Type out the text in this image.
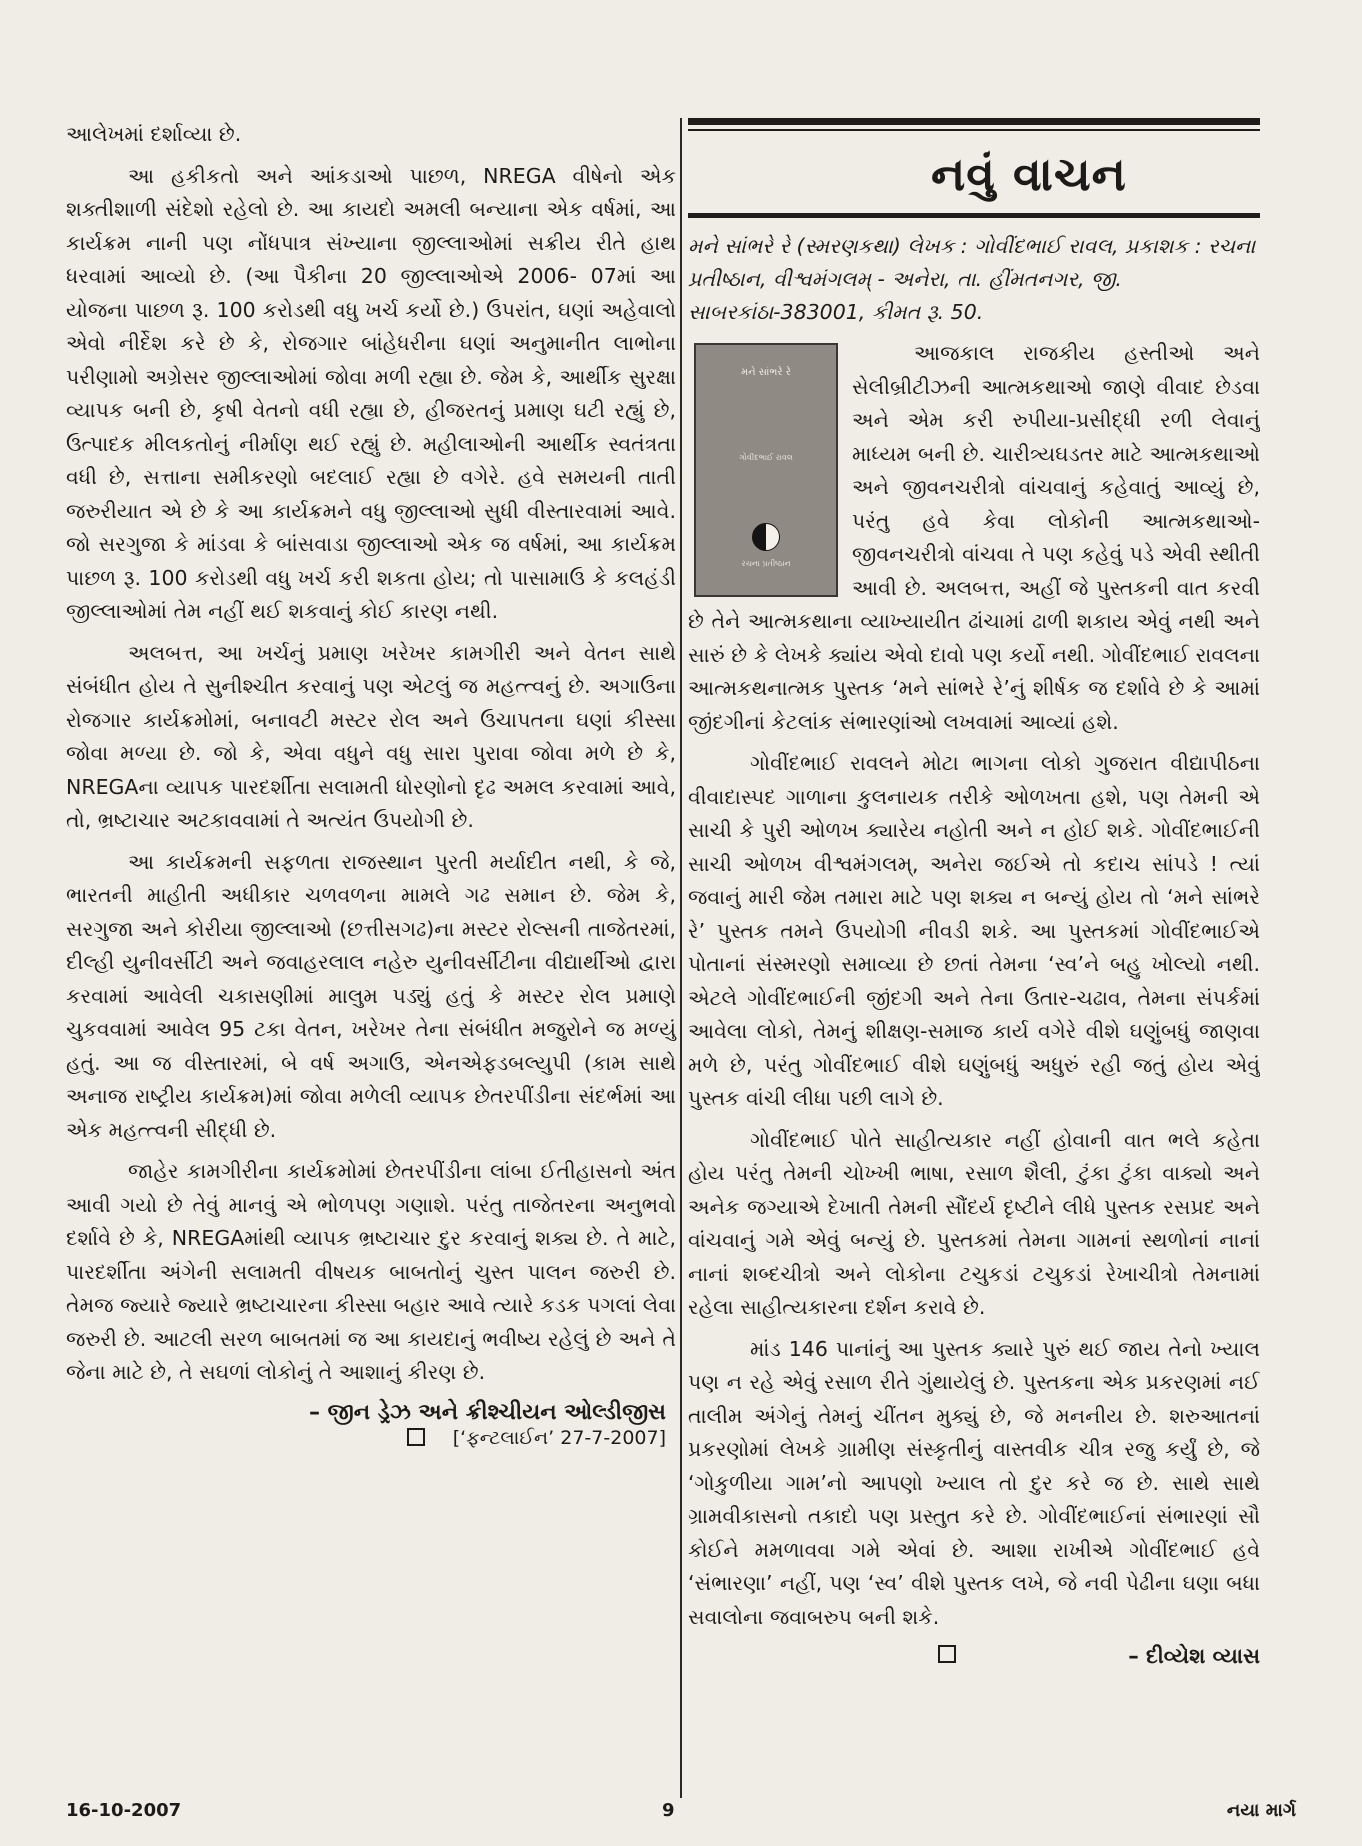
આલેખમાં દર્શાવ્યા છે.

આ હકીકતો અને આંકડાઓ પાછળ, NREGA વીષેનો એક શક્તીશાળી સંદેશો રહેલો છે. આ કાયદો અમલી બન્યાના એક વર્ષમાં, આ કાર્યક્રમ નાની પણ નોંધપાત્ર સંખ્યાના જીલ્લાઓમાં સક્રીય રીતે હાથ ધરવામાં આવ્યો છે. (આ પૈકીના 20 જીલ્લાઓએ 2006- 07માં આ યોજના પાછળ રૂ. 100 કરોડથી વધુ ખર્ચ કર્યો છે.) ઉપરાંત, ઘણાં અહેવાલો એવો નીર્દેશ કરે છે કે, રોજગાર બાંહેધરીના ઘણાં અનુમાનીત લાભોના પરીણામો અગ્રેસર જીલ્લાઓમાં જોવા મળી રહ્યા છે. જેમ કે, આર્થીક સુરક્ષા વ્યાપક બની છે, કૃષી વેતનો વધી રહ્યા છે, હીજરતનું પ્રમાણ ઘટી રહ્યું છે, ઉત્પાદક મીલકતોનું નીર્માણ થઈ રહ્યું છે. મહીલાઓની આર્થીક સ્વતંત્રતા વધી છે, સત્તાના સમીકરણો બદલાઈ રહ્યા છે વગેરે. હવે સમયની તાતી જરુરીયાત એ છે કે આ કાર્યક્રમને વધુ જીલ્લાઓ સુધી વીસ્તારવામાં આવે. જો સરગુજા કે માંડવા કે બાંસવાડા જીલ્લાઓ એક જ વર્ષમાં, આ કાર્યક્રમ પાછળ રૂ. 100 કરોડથી વધુ ખર્ચ કરી શકતા હોય; તો પાસામાઉ કે કલહંડી જીલ્લાઓમાં તેમ નહીં થઈ શકવાનું કોઈ કારણ નથી.

અલબત્ત, આ ખર્ચનું પ્રમાણ ખરેખર કામગીરી અને વેતન સાથે સંબંધીત હોય તે સુનીશ્ચીત કરવાનું પણ એટલું જ મહત્ત્વનું છે. અગાઉના રોજગાર કાર્યક્રમોમાં, બનાવટી મસ્ટર રોલ અને ઉચાપતના ઘણાં કીસ્સા જોવા મળ્યા છે. જો કે, એવા વધુને વધુ સારા પુરાવા જોવા મળે છે કે, NREGAના વ્યાપક પારદર્શીતા સલામતી ધોરણોનો દૃઢ અમલ કરવામાં આવે, તો, ભ્રષ્ટાચાર અટકાવવામાં તે અત્યંત ઉપયોગી છે.

આ કાર્યક્રમની સફળતા રાજસ્થાન પુરતી મર્યાદીત નથી, કે જે, ભારતની માહીતી અધીકાર ચળવળના મામલે ગઢ સમાન છે. જેમ કે, સરગુજા અને કોરીયા જીલ્લાઓ (છત્તીસગઢ)ના મસ્ટર રોલ્સની તાજેતરમાં, દીલ્હી યુનીવર્સીટી અને જવાહરલાલ નહેરુ યુનીવર્સીટીના વીદ્યાર્થીઓ દ્વારા કરવામાં આવેલી ચકાસણીમાં માલુમ પડ્યું હતું કે મસ્ટર રોલ પ્રમાણે ચુકવવામાં આવેલ 95 ટકા વેતન, ખરેખર તેના સંબંધીત મજુરોને જ મળ્યું હતું. આ જ વીસ્તારમાં, બે વર્ષ અગાઉ, એનએફડબલ્યુપી (કામ સાથે અનાજ રાષ્ટ્રીય કાર્યક્રમ)માં જોવા મળેલી વ્યાપક છેતરપીંડીના સંદર્ભમાં આ એક મહત્ત્વની સીદ્ધી છે.

જાહેર કામગીરીના કાર્યક્રમોમાં છેતરપીંડીના લાંબા ઈતીહાસનો અંત આવી ગયો છે તેવું માનવું એ ભોળપણ ગણાશે. પરંતુ તાજેતરના અનુભવો દર્શાવે છે કે, NREGAમાંથી વ્યાપક ભ્રષ્ટાચાર દુર કરવાનું શક્ય છે. તે માટે, પારદર્શીતા અંગેની સલામતી વીષયક બાબતોનું ચુસ્ત પાલન જરુરી છે. તેમજ જ્યારે જ્યારે ભ્રષ્ટાચારના કીસ્સા બહાર આવે ત્યારે કડક પગલાં લેવા જરુરી છે. આટલી સરળ બાબતમાં જ આ કાયદાનું ભવીષ્ય રહેલું છે અને તે જેના માટે છે, તે સઘળાં લોકોનું તે આશાનું કીરણ છે.

– જીન ડ્રેઝ અને ક્રીશ્ચીયન ઓલ્ડીજીસ
[‘ફન્ટલાઈન’ 27-7-2007]
નવું વાચન
મને સાંભરે રે (સ્મરણકથા) લેખક : ગોવીંદભાઈ રાવલ, પ્રકાશક : રચના પ્રતીષ્ઠાન, વીશ્વમંગલમ્ - અનેરા, તા. હીંમતનગર, જી. સાબરકાંઠા-383001, કીમત રૂ. 50.
મને સાંભરે રે
ગોવીંદભાઈ રાવલ
રચના પ્રતીષ્ઠાન

આજકાલ રાજકીય હસ્તીઓ અને સેલીબ્રીટીઝની આત્મકથાઓ જાણે વીવાદ છેડવા અને એમ કરી રુપીયા-પ્રસીદ્ધી રળી લેવાનું માધ્યમ બની છે. ચારીત્ર્યઘડતર માટે આત્મકથાઓ અને જીવનચરીત્રો વાંચવાનું કહેવાતું આવ્યું છે, પરંતુ હવે કેવા લોકોની આત્મકથાઓ- જીવનચરીત્રો વાંચવા તે પણ કહેવું પડે એવી સ્થીતી આવી છે. અલબત્ત, અહીં જે પુસ્તકની વાત કરવી છે તેને આત્મકથાના વ્યાખ્યાયીત ઢાંચામાં ઢાળી શકાય એવું નથી અને સારું છે કે લેખકે ક્યાંય એવો દાવો પણ કર્યો નથી. ગોવીંદભાઈ રાવલના આત્મકથનાત્મક પુસ્તક ‘મને સાંભરે રે’નું શીર્ષક જ દર્શાવે છે કે આમાં જીંદગીનાં કેટલાંક સંભારણાંઓ લખવામાં આવ્યાં હશે.

ગોવીંદભાઈ રાવલને મોટા ભાગના લોકો ગુજરાત વીદ્યાપીઠના વીવાદાસ્પદ ગાળાના કુલનાયક તરીકે ઓળખતા હશે, પણ તેમની એ સાચી કે પુરી ઓળખ ક્યારેય નહોતી અને ન હોઈ શકે. ગોવીંદભાઈની સાચી ઓળખ વીશ્વમંગલમ્, અનેરા જઈએ તો કદાચ સાંપડે ! ત્યાં જવાનું મારી જેમ તમારા માટે પણ શક્ય ન બન્યું હોય તો ‘મને સાંભરે રે’ પુસ્તક તમને ઉપયોગી નીવડી શકે. આ પુસ્તકમાં ગોવીંદભાઈએ પોતાનાં સંસ્મરણો સમાવ્યા છે છતાં તેમના ‘સ્વ’ને બહુ ખોલ્યો નથી. એટલે ગોવીંદભાઈની જીંદગી અને તેના ઉતાર-ચઢાવ, તેમના સંપર્કમાં આવેલા લોકો, તેમનું શીક્ષણ-સમાજ કાર્ય વગેરે વીશે ઘણુંબધું જાણવા મળે છે, પરંતુ ગોવીંદભાઈ વીશે ઘણુંબધું અધુરું રહી જતું હોય એવું પુસ્તક વાંચી લીધા પછી લાગે છે.

ગોવીંદભાઈ પોતે સાહીત્યકાર નહીં હોવાની વાત ભલે કહેતા હોય પરંતુ તેમની ચોખ્ખી ભાષા, રસાળ શૈલી, ટુંકા ટુંકા વાક્યો અને અનેક જગ્યાએ દેખાતી તેમની સૌંદર્ય દૃષ્ટીને લીધે પુસ્તક રસપ્રદ અને વાંચવાનું ગમે એવું બન્યું છે. પુસ્તકમાં તેમના ગામનાં સ્થળોનાં નાનાં નાનાં શબ્દચીત્રો અને લોકોના ટચુકડાં ટચુકડાં રેખાચીત્રો તેમનામાં રહેલા સાહીત્યકારના દર્શન કરાવે છે.

માંડ 146 પાનાંનું આ પુસ્તક ક્યારે પુરું થઈ જાય તેનો ખ્યાલ પણ ન રહે એવું રસાળ રીતે ગુંથાયેલું છે. પુસ્તકના એક પ્રકરણમાં નઈ તાલીમ અંગેનું તેમનું ચીંતન મુક્યું છે, જે મનનીય છે. શરુઆતનાં પ્રકરણોમાં લેખકે ગ્રામીણ સંસ્કૃતીનું વાસ્તવીક ચીત્ર રજુ કર્યું છે, જે ‘ગોકુળીયા ગામ’નો આપણો ખ્યાલ તો દુર કરે જ છે. સાથે સાથે ગ્રામવીકાસનો તકાદો પણ પ્રસ્તુત કરે છે. ગોવીંદભાઈનાં સંભારણાં સૌ કોઈને મમળાવવા ગમે એવાં છે. આશા રાખીએ ગોવીંદભાઈ હવે ‘સંભારણા’ નહીં, પણ ‘સ્વ’ વીશે પુસ્તક લખે, જે નવી પેઢીના ઘણા બધા સવાલોના જવાબરુપ બની શકે.

– દીવ્યેશ વ્યાસ
16-10-2007	9	નયા માર્ગ
